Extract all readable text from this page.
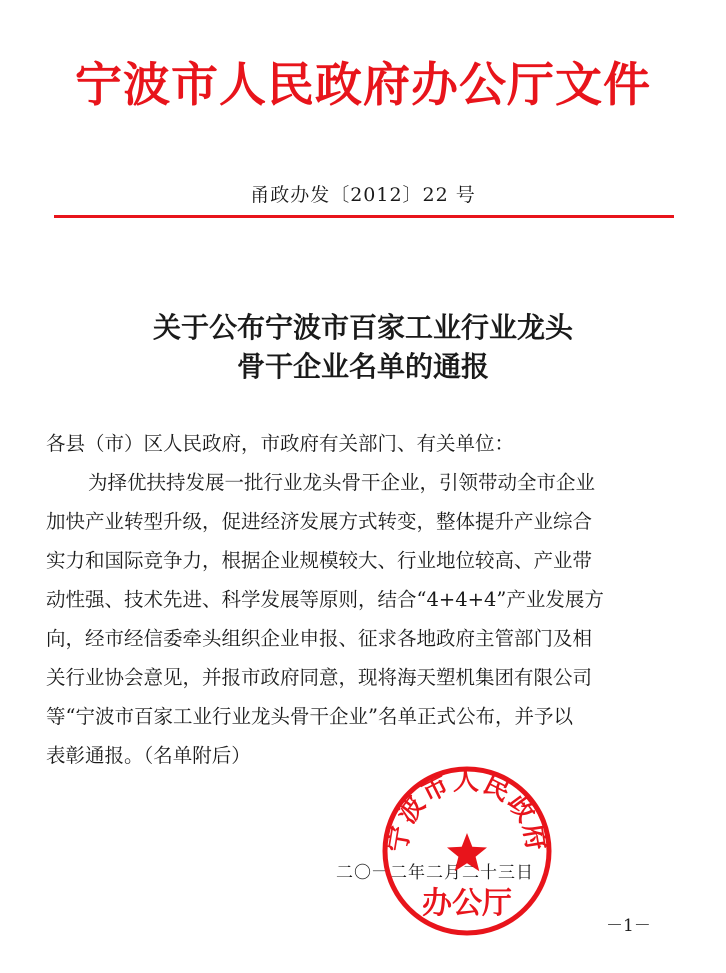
宁波市人民政府办公厅文件
甬政办发〔2012〕22 号
关于公布宁波市百家工业行业龙头
骨干企业名单的通报
各县（市）区人民政府，市政府有关部门、有关单位：
为择优扶持发展一批行业龙头骨干企业，引领带动全市企业
加快产业转型升级，促进经济发展方式转变，整体提升产业综合
实力和国际竞争力，根据企业规模较大、行业地位较高、产业带
动性强、技术先进、科学发展等原则，结合“4+4+4”产业发展方
向，经市经信委牵头组织企业申报、征求各地政府主管部门及相
关行业协会意见，并报市政府同意，现将海天塑机集团有限公司
等“宁波市百家工业行业龙头骨干企业”名单正式公布，并予以
表彰通报。（名单附后）
二〇一二年二月二十三日
宁波市人民政府
办公厅
－1－
